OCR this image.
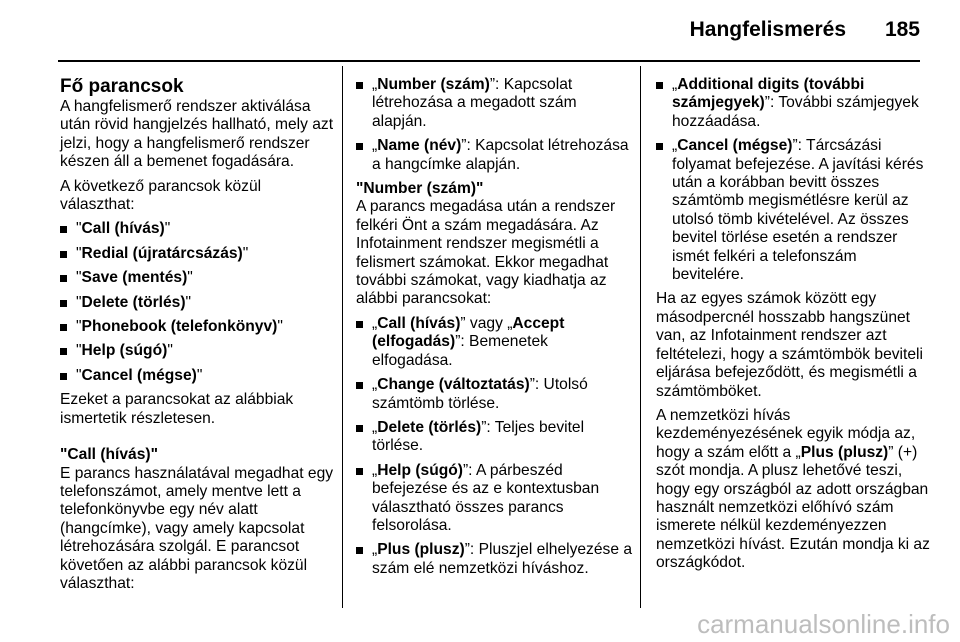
Hangfelismerés 185
Fő parancsok

A hangfelismerő rendszer aktiválása után rövid hangjelzés hallható, mely azt jelzi, hogy a hangfelismerő rendszer készen áll a bemenet fogadására.

A következő parancsok közül választhat:

"Call (hívás)"
"Redial (újratárcsázás)"
"Save (mentés)"
"Delete (törlés)"
"Phonebook (telefonkönyv)"
"Help (súgó)"
"Cancel (mégse)"

Ezeket a parancsokat az alábbiak ismertetik részletesen.

"Call (hívás)"

E parancs használatával megadhat egy telefonszámot, amely mentve lett a telefonkönyvbe egy név alatt (hangcímke), vagy amely kapcsolat létrehozására szolgál. E parancsot követően az alábbi parancsok közül választhat:

„Number (szám)”: Kapcsolat létrehozása a megadott szám alapján.
„Name (név)”: Kapcsolat létrehozása a hangcímke alapján.
"Number (szám)"

A parancs megadása után a rendszer felkéri Önt a szám megadására. Az Infotainment rendszer megismétli a felismert számokat. Ekkor megadhat további számokat, vagy kiadhatja az alábbi parancsokat:

„Call (hívás)” vagy „Accept (elfogadás)”: Bemenetek elfogadása.
„Change (változtatás)”: Utolsó számtömb törlése.
„Delete (törlés)”: Teljes bevitel törlése.
„Help (súgó)”: A párbeszéd befejezése és az e kontextusban választható összes parancs felsorolása.
„Plus (plusz)”: Pluszjel elhelyezése a szám elé nemzetközi híváshoz.
„Additional digits (további számjegyek)”: További számjegyek hozzáadása.
„Cancel (mégse)”: Tárcsázási folyamat befejezése. A javítási kérés után a korábban bevitt összes számtömb megismétlésre kerül az utolsó tömb kivételével. Az összes bevitel törlése esetén a rendszer ismét felkéri a telefonszám bevitelére.

Ha az egyes számok között egy másodpercnél hosszabb hangszünet van, az Infotainment rendszer azt feltételezi, hogy a számtömbök beviteli eljárása befejeződött, és megismétli a számtömböket.

A nemzetközi hívás kezdeményezésének egyik módja az, hogy a szám előtt a „Plus (plusz)” (+) szót mondja. A plusz lehetővé teszi, hogy egy országból az adott országban használt nemzetközi előhívó szám ismerete nélkül kezdeményezzen nemzetközi hívást. Ezután mondja ki az országkódot.

carmanualsonline.info
